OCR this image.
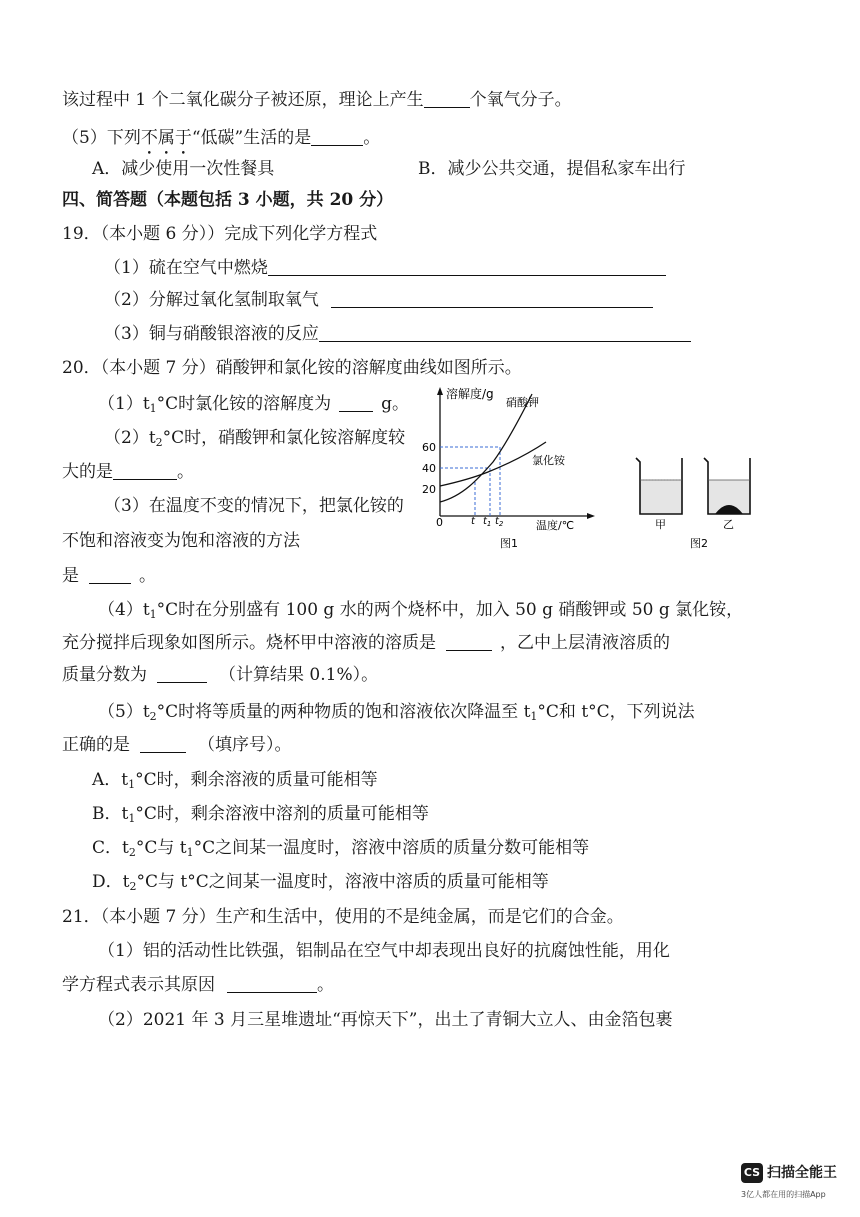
该过程中 1 个二氧化碳分子被还原，理论上产生	个氧气分子。
（5）下列不属于“低碳”生活的是	。
A．减少使用一次性餐具	B．减少公共交通，提倡私家车出行
四、简答题（本题包括 3 小题，共 20 分）
19．（本小题 6 分））完成下列化学方程式
（1）硫在空气中燃烧
（2）分解过氧化氢制取氧气
（3）铜与硝酸银溶液的反应
20．（本小题 7 分）硝酸钾和氯化铵的溶解度曲线如图所示。
$(1)t_1^\circ C$时氯化铵的溶解度为	g。
$(2)t_2^\circ C$时，硝酸钾和氯化铵溶解度较
大的是	。
（3）在温度不变的情况下，把氯化铵的
不饱和溶液变为饱和溶液的方法
是	。
溶解度/g
温度/℃
0
20
40
60
硝酸钾
氯化铵
t $t_1$ $t_2$
图1
甲	乙
图2
$(4)t_1^\circ C$时在分别盛有 100 g 水的两个烧杯中，加入 50 g 硝酸钾或 50 g 氯化铵，
充分搅拌后现象如图所示。烧杯甲中溶液的溶质是	，乙中上层清液溶质的
质量分数为	（计算结果 0.1%）。
$(5)t_2^\circ C$时将等质量的两种物质的饱和溶液依次降温至 $t_1^\circ C$和 t°C，下列说法
正确的是	（填序号）。
A．$t_1^\circ C$时，剩余溶液的质量可能相等
B．$t_1^\circ C$时，剩余溶液中溶剂的质量可能相等
C．$t_2^\circ C$与 $t_1^\circ C$之间某一温度时，溶液中溶质的质量分数可能相等
D．$t_2^\circ C$与 t°C之间某一温度时，溶液中溶质的质量可能相等
21．（本小题 7 分）生产和生活中，使用的不是纯金属，而是它们的合金。
（1）铝的活动性比铁强，铝制品在空气中却表现出良好的抗腐蚀性能，用化
学方程式表示其原因	。
（2）2021 年 3 月三星堆遗址“再惊天下”，出土了青铜大立人、由金箔包裹
CS 扫描全能王
3亿人都在用的扫描App
